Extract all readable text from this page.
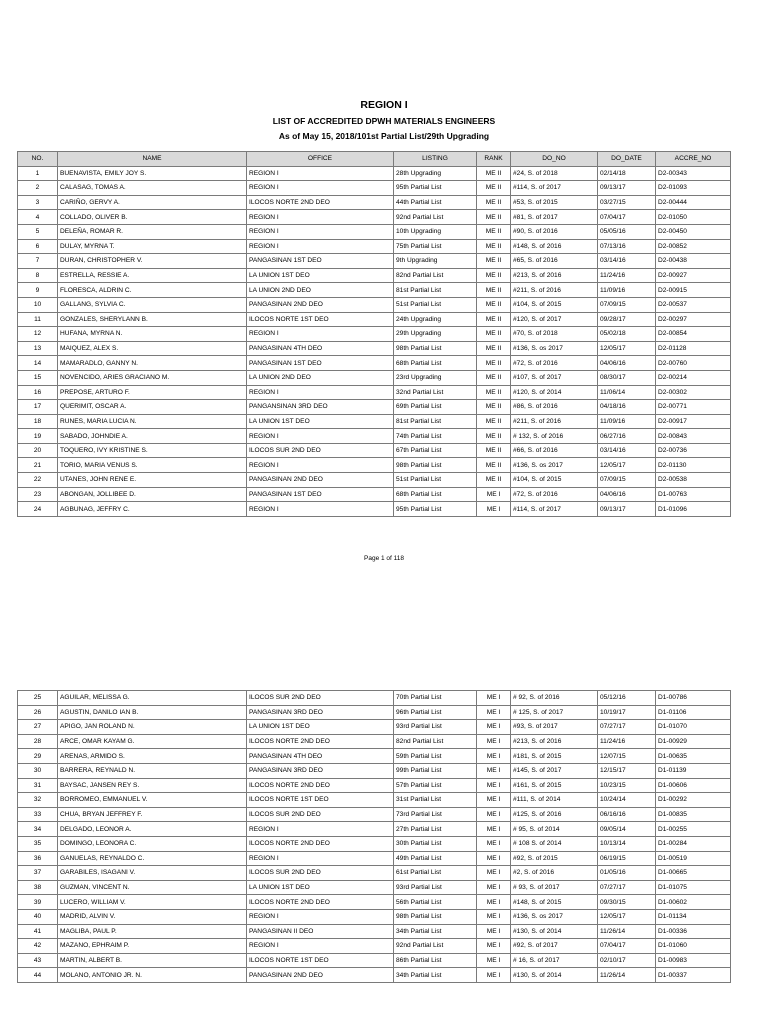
REGION I
LIST OF ACCREDITED DPWH MATERIALS ENGINEERS
As of May 15, 2018/101st Partial List/29th Upgrading
NO.	NAME	OFFICE	LISTING	RANK	DO_NO	DO_DATE	ACCRE_NO
1	BUENAVISTA, EMILY JOY S.	REGION I	28th Upgrading	ME II	#24, S. of 2018	02/14/18	D2-00343
2	CALASAG, TOMAS A.	REGION I	95th Partial List	ME II	#114, S. of 2017	09/13/17	D2-01093
3	CARIÑO, GERVY A.	ILOCOS NORTE 2ND DEO	44th Partial List	ME II	#53, S. of 2015	03/27/15	D2-00444
4	COLLADO, OLIVER B.	REGION I	92nd Partial List	ME II	#81, S. of 2017	07/04/17	D2-01050
5	DELEÑA, ROMAR R.	REGION I	10th Upgrading	ME II	#90, S. of 2016	05/05/16	D2-00450
6	DULAY, MYRNA T.	REGION I	75th Partial List	ME II	#148, S. of 2016	07/13/16	D2-00852
7	DURAN, CHRISTOPHER V.	PANGASINAN 1ST DEO	9th Upgrading	ME II	#65, S. of 2016	03/14/16	D2-00438
8	ESTRELLA, RESSIE A.	LA UNION 1ST DEO	82nd Partial List	ME II	#213, S. of 2016	11/24/16	D2-00927
9	FLORESCA, ALDRIN C.	LA UNION 2ND DEO	81st Partial List	ME II	#211, S. of 2016	11/09/16	D2-00915
10	GALLANG, SYLVIA C.	PANGASINAN 2ND DEO	51st Partial List	ME II	#104, S. of 2015	07/09/15	D2-00537
11	GONZALES, SHERYLANN B.	ILOCOS NORTE 1ST DEO	24th Upgrading	ME II	#120, S. of 2017	09/28/17	D2-00297
12	HUFANA, MYRNA N.	REGION I	29th Upgrading	ME II	#70, S. of 2018	05/02/18	D2-00854
13	MAIQUEZ, ALEX S.	PANGASINAN 4TH DEO	98th Partial List	ME II	#136, S. os 2017	12/05/17	D2-01128
14	MAMARADLO, GANNY N.	PANGASINAN 1ST DEO	68th Partial List	ME II	#72, S. of 2016	04/06/16	D2-00760
15	NOVENCIDO, ARIES GRACIANO M.	LA UNION 2ND DEO	23rd Upgrading	ME II	#107, S. of 2017	08/30/17	D2-00214
16	PREPOSE, ARTURO F.	REGION I	32nd Partial List	ME II	#120, S. of 2014	11/06/14	D2-00302
17	QUERIMIT, OSCAR A.	PANGANSINAN 3RD DEO	69th Partial List	ME II	#86, S. of 2016	04/18/16	D2-00771
18	RUNES, MARIA LUCIA N.	LA UNION 1ST DEO	81st Partial List	ME II	#211, S. of 2016	11/09/16	D2-00917
19	SABADO, JOHNDIE A.	REGION I	74th Partial List	ME II	# 132, S. of 2016	06/27/16	D2-00843
20	TOQUERO, IVY KRISTINE S.	ILOCOS SUR 2ND DEO	67th Partial List	ME II	#66, S. of 2016	03/14/16	D2-00736
21	TORIO, MARIA VENUS S.	REGION I	98th Partial List	ME II	#136, S. os 2017	12/05/17	D2-01130
22	UTANES, JOHN RENE E.	PANGASINAN 2ND DEO	51st Partial List	ME II	#104, S. of 2015	07/09/15	D2-00538
23	ABONGAN, JOLLIBEE D.	PANGASINAN 1ST DEO	68th Partial List	ME I	#72, S. of 2016	04/06/16	D1-00763
24	AGBUNAG, JEFFRY C.	REGION I	95th Partial List	ME I	#114, S. of 2017	09/13/17	D1-01096
Page 1 of 118
25	AGUILAR, MELISSA G.	ILOCOS SUR 2ND DEO	70th Partial List	ME I	# 92, S. of 2016	05/12/16	D1-00786
26	AGUSTIN, DANILO IAN B.	PANGASINAN 3RD DEO	96th Partial List	ME I	# 125, S. of 2017	10/19/17	D1-01106
27	APIGO, JAN ROLAND N.	LA UNION 1ST DEO	93rd Partial List	ME I	#93, S. of 2017	07/27/17	D1-01070
28	ARCE, OMAR KAYAM G.	ILOCOS NORTE 2ND DEO	82nd Partial List	ME I	#213, S. of 2016	11/24/16	D1-00929
29	ARENAS, ARMIDO S.	PANGASINAN 4TH DEO	59th Partial List	ME I	#181, S. of 2015	12/07/15	D1-00635
30	BARRERA, REYNALD N.	PANGASINAN 3RD DEO	99th Partial List	ME I	#145, S. of 2017	12/15/17	D1-01139
31	BAYSAC, JANSEN REY S.	ILOCOS NORTE 2ND DEO	57th Partial List	ME I	#161, S. of 2015	10/23/15	D1-00606
32	BORROMEO, EMMANUEL V.	ILOCOS NORTE 1ST DEO	31st Partial List	ME I	#111, S. of 2014	10/24/14	D1-00292
33	CHUA, BRYAN JEFFREY F.	ILOCOS SUR 2ND DEO	73rd Partial List	ME I	#125, S. of 2016	06/16/16	D1-00835
34	DELGADO, LEONOR A.	REGION I	27th Partial List	ME I	# 95, S. of 2014	09/05/14	D1-00255
35	DOMINGO, LEONORA C.	ILOCOS NORTE 2ND DEO	30th Partial List	ME I	# 108 S. of 2014	10/13/14	D1-00284
36	GANUELAS, REYNALDO C.	REGION I	49th Partial List	ME I	#92, S. of 2015	06/19/15	D1-00519
37	GARABILES, ISAGANI V.	ILOCOS SUR 2ND DEO	61st Partial List	ME I	#2, S. of 2016	01/05/16	D1-00665
38	GUZMAN, VINCENT N.	LA UNION 1ST DEO	93rd Partial List	ME I	# 93, S. of 2017	07/27/17	D1-01075
39	LUCERO, WILLIAM V.	ILOCOS NORTE 2ND DEO	56th Partial List	ME I	#148, S. of 2015	09/30/15	D1-00602
40	MADRID, ALVIN V.	REGION I	98th Partial List	ME I	#136, S. os 2017	12/05/17	D1-01134
41	MAGLIBA, PAUL P.	PANGASINAN II DEO	34th Partial List	ME I	#130, S. of 2014	11/26/14	D1-00336
42	MAZANO, EPHRAIM P.	REGION I	92nd Partial List	ME I	#92, S. of 2017	07/04/17	D1-01060
43	MARTIN, ALBERT B.	ILOCOS NORTE 1ST DEO	86th Partial List	ME I	# 16, S. of 2017	02/10/17	D1-00983
44	MOLANO, ANTONIO JR. N.	PANGASINAN 2ND DEO	34th Partial List	ME I	#130, S. of 2014	11/26/14	D1-00337
